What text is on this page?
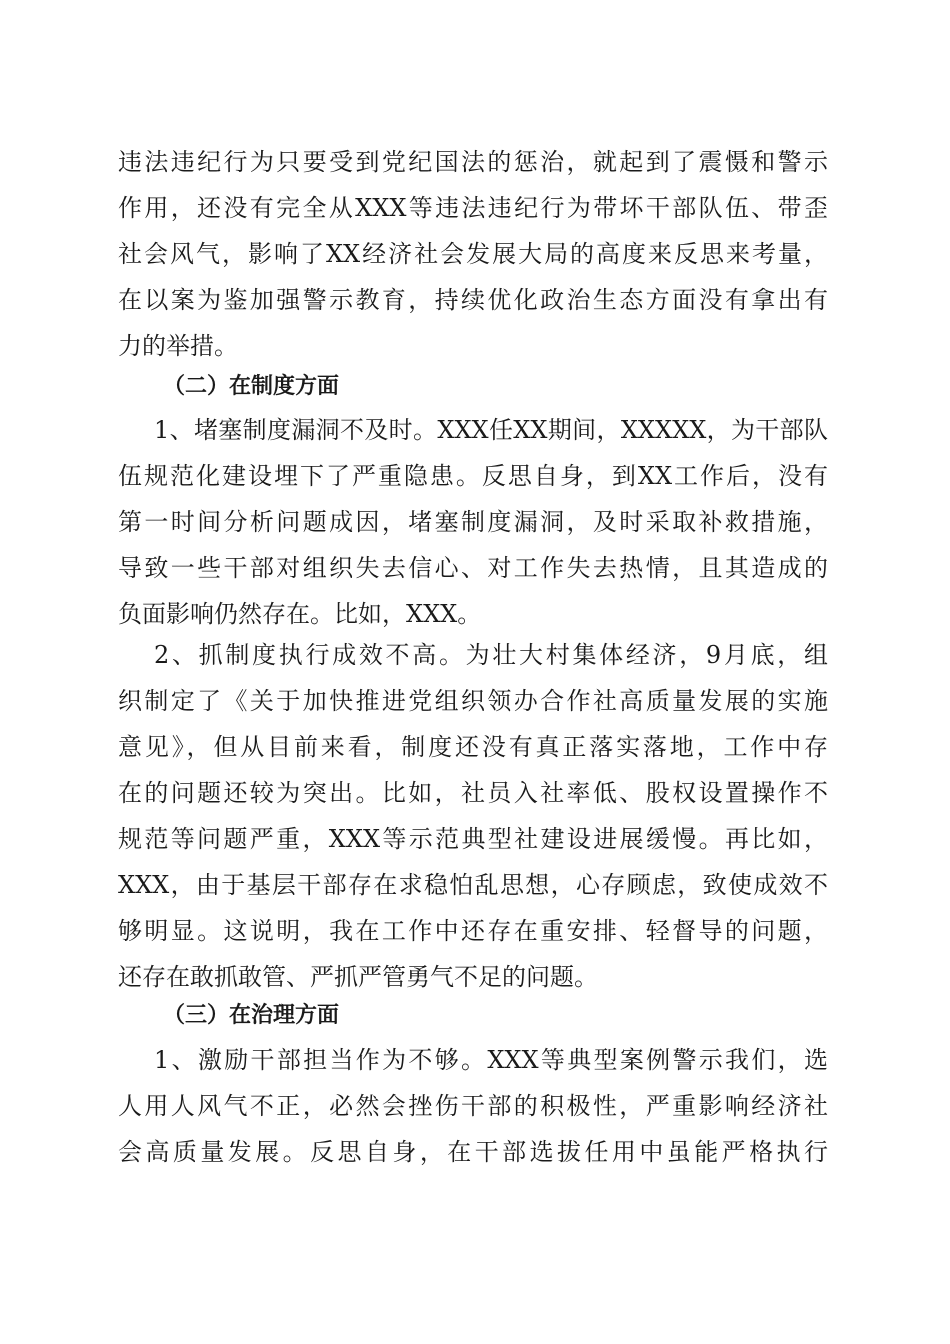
违法违纪行为只要受到党纪国法的惩治，就起到了震慑和警示
作用，还没有完全从XXX等违法违纪行为带坏干部队伍、带歪
社会风气，影响了XX经济社会发展大局的高度来反思来考量，
在以案为鉴加强警示教育，持续优化政治生态方面没有拿出有
力的举措。
（二）在制度方面
1、堵塞制度漏洞不及时。XXX任XX期间，XXXXX，为干部队
伍规范化建设埋下了严重隐患。反思自身，到XX工作后，没有
第一时间分析问题成因，堵塞制度漏洞，及时采取补救措施，
导致一些干部对组织失去信心、对工作失去热情，且其造成的
负面影响仍然存在。比如，XXX。
2、抓制度执行成效不高。为壮大村集体经济，9月底，组
织制定了《关于加快推进党组织领办合作社高质量发展的实施
意见》，但从目前来看，制度还没有真正落实落地，工作中存
在的问题还较为突出。比如，社员入社率低、股权设置操作不
规范等问题严重，XXX等示范典型社建设进展缓慢。再比如，
XXX，由于基层干部存在求稳怕乱思想，心存顾虑，致使成效不
够明显。这说明，我在工作中还存在重安排、轻督导的问题，
还存在敢抓敢管、严抓严管勇气不足的问题。
（三）在治理方面
1、激励干部担当作为不够。XXX等典型案例警示我们，选
人用人风气不正，必然会挫伤干部的积极性，严重影响经济社
会高质量发展。反思自身，在干部选拔任用中虽能严格执行
